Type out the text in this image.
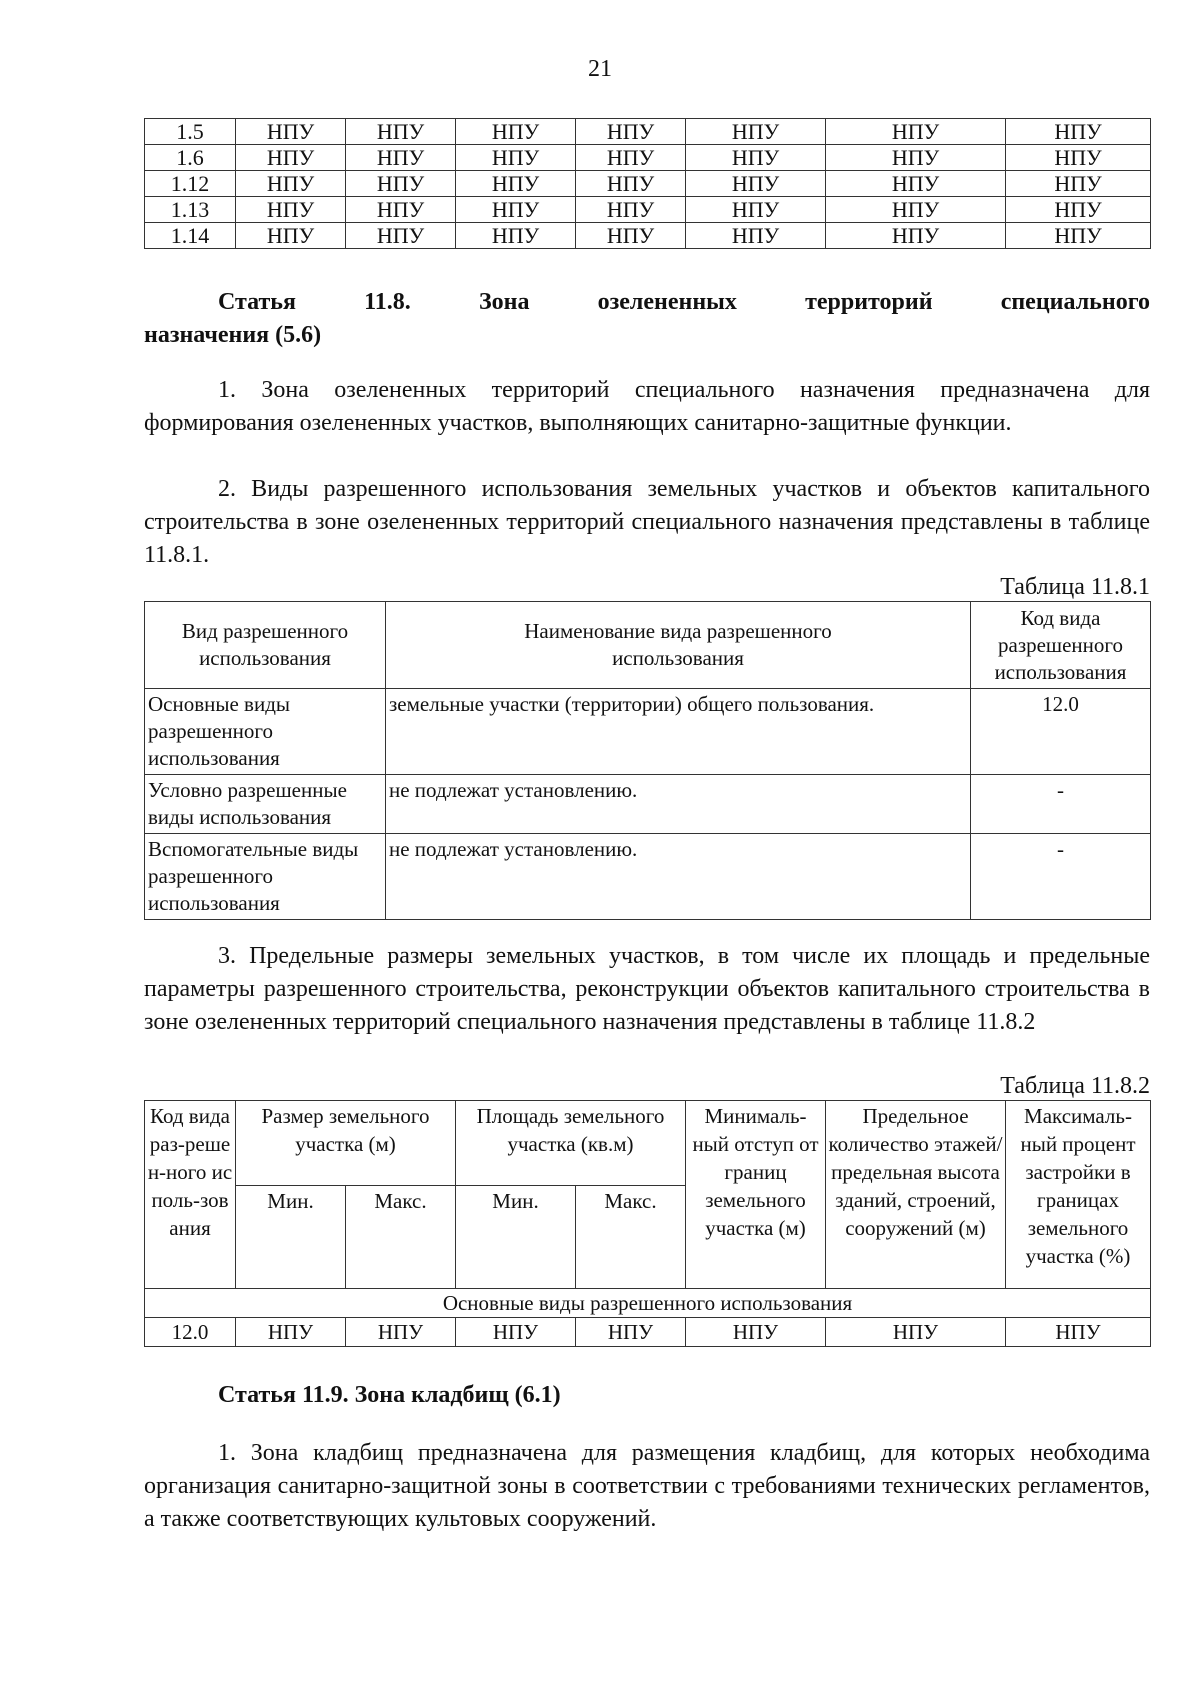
21
1.5	НПУ	НПУ	НПУ	НПУ	НПУ	НПУ	НПУ
1.6	НПУ	НПУ	НПУ	НПУ	НПУ	НПУ	НПУ
1.12	НПУ	НПУ	НПУ	НПУ	НПУ	НПУ	НПУ
1.13	НПУ	НПУ	НПУ	НПУ	НПУ	НПУ	НПУ
1.14	НПУ	НПУ	НПУ	НПУ	НПУ	НПУ	НПУ
Статья 11.8. Зона озелененных территорий специального
назначения (5.6)
1. Зона озелененных территорий специального назначения предназначена для формирования озелененных участков, выполняющих санитарно-защитные функции.
2. Виды разрешенного использования земельных участков и объектов капитального строительства в зоне озелененных территорий специального назначения представлены в таблице 11.8.1.
Таблица 11.8.1
Вид разрешенного использования	Наименование вида разрешенного использования	Код вида разрешенного использования
Основные виды разрешенного использования	земельные участки (территории) общего пользования.	12.0
Условно разрешенные виды использования	не подлежат установлению.	-
Вспомогательные виды разрешенного использования	не подлежат установлению.	-
3. Предельные размеры земельных участков, в том числе их площадь и предельные параметры разрешенного строительства, реконструкции объектов капитального строительства в зоне озелененных территорий специального назначения представлены в таблице 11.8.2
Таблица 11.8.2
Код вида раз-решен-ного исполь-зования	Размер земельного участка (м)		Площадь земельного участка (кв.м)		Минималь-ный отступ от границ земельного участка (м)	Предельное количество этажей/ предельная высота зданий, строений, сооружений (м)	Максималь-ный процент застройки в границах земельного участка (%)
	Мин.	Макс.	Мин.	Макс.			
Основные виды разрешенного использования							
12.0	НПУ	НПУ	НПУ	НПУ	НПУ	НПУ	НПУ
Статья 11.9. Зона кладбищ (6.1)
1. Зона кладбищ предназначена для размещения кладбищ, для которых необходима организация санитарно-защитной зоны в соответствии с требованиями технических регламентов, а также соответствующих культовых сооружений.
